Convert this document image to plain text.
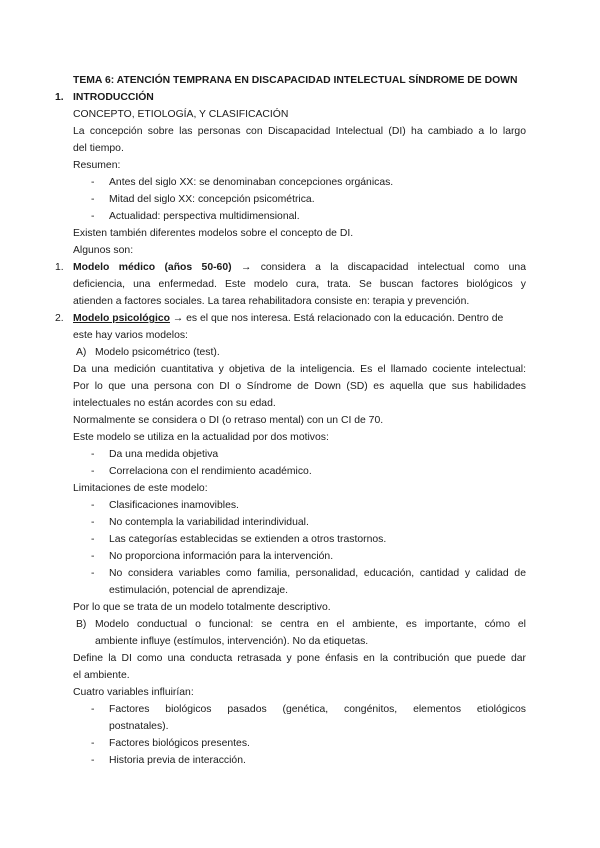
TEMA 6: ATENCIÓN TEMPRANA EN DISCAPACIDAD INTELECTUAL SÍNDROME DE DOWN
1. INTRODUCCIÓN
CONCEPTO, ETIOLOGÍA, Y CLASIFICACIÓN
La concepción sobre las personas con Discapacidad Intelectual (DI) ha cambiado a lo largo
del tiempo.
Resumen:
- Antes del siglo XX: se denominaban concepciones orgánicas.
- Mitad del siglo XX: concepción psicométrica.
- Actualidad: perspectiva multidimensional.
Existen también diferentes modelos sobre el concepto de DI.
Algunos son:
1. Modelo médico (años 50-60) → considera a la discapacidad intelectual como una
deficiencia, una enfermedad. Este modelo cura, trata. Se buscan factores biológicos y
atienden a factores sociales. La tarea rehabilitadora consiste en: terapia y prevención.
2. Modelo psicológico → es el que nos interesa. Está relacionado con la educación. Dentro de
este hay varios modelos:
A) Modelo psicométrico (test).
Da una medición cuantitativa y objetiva de la inteligencia. Es el llamado cociente intelectual:
Por lo que una persona con DI o Síndrome de Down (SD) es aquella que sus habilidades
intelectuales no están acordes con su edad.
Normalmente se considera o DI (o retraso mental) con un CI de 70.
Este modelo se utiliza en la actualidad por dos motivos:
- Da una medida objetiva
- Correlaciona con el rendimiento académico.
Limitaciones de este modelo:
- Clasificaciones inamovibles.
- No contempla la variabilidad interindividual.
- Las categorías establecidas se extienden a otros trastornos.
- No proporciona información para la intervención.
- No considera variables como familia, personalidad, educación, cantidad y calidad de
estimulación, potencial de aprendizaje.
Por lo que se trata de un modelo totalmente descriptivo.
B) Modelo conductual o funcional: se centra en el ambiente, es importante, cómo el
ambiente influye (estímulos, intervención). No da etiquetas.
Define la DI como una conducta retrasada y pone énfasis en la contribución que puede dar
el ambiente.
Cuatro variables influirían:
- Factores biológicos pasados (genética, congénitos, elementos etiológicos
postnatales).
- Factores biológicos presentes.
- Historia previa de interacción.
